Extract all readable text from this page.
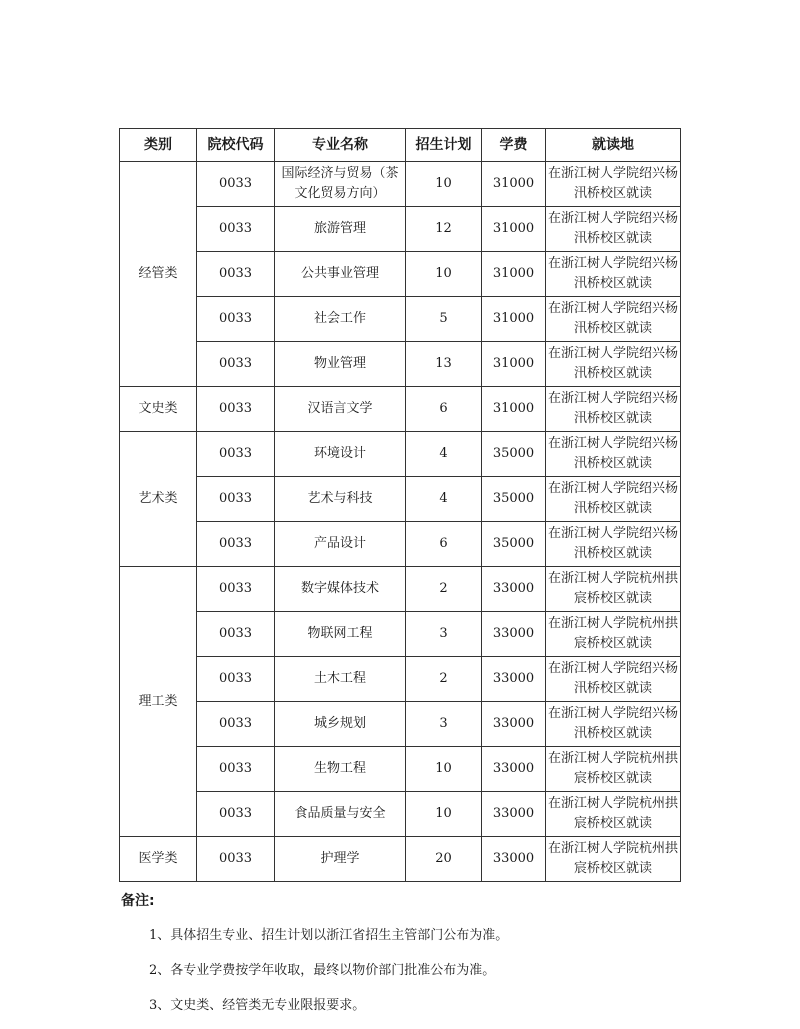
类别	院校代码	专业名称	招生计划	学费	就读地
经管类	0033	国际经济与贸易（茶文化贸易方向）	10	31000	在浙江树人学院绍兴杨汛桥校区就读
	0033	旅游管理	12	31000	在浙江树人学院绍兴杨汛桥校区就读
	0033	公共事业管理	10	31000	在浙江树人学院绍兴杨汛桥校区就读
	0033	社会工作	5	31000	在浙江树人学院绍兴杨汛桥校区就读
	0033	物业管理	13	31000	在浙江树人学院绍兴杨汛桥校区就读
文史类	0033	汉语言文学	6	31000	在浙江树人学院绍兴杨汛桥校区就读
艺术类	0033	环境设计	4	35000	在浙江树人学院绍兴杨汛桥校区就读
	0033	艺术与科技	4	35000	在浙江树人学院绍兴杨汛桥校区就读
	0033	产品设计	6	35000	在浙江树人学院绍兴杨汛桥校区就读
理工类	0033	数字媒体技术	2	33000	在浙江树人学院杭州拱宸桥校区就读
	0033	物联网工程	3	33000	在浙江树人学院杭州拱宸桥校区就读
	0033	土木工程	2	33000	在浙江树人学院绍兴杨汛桥校区就读
	0033	城乡规划	3	33000	在浙江树人学院绍兴杨汛桥校区就读
	0033	生物工程	10	33000	在浙江树人学院杭州拱宸桥校区就读
	0033	食品质量与安全	10	33000	在浙江树人学院杭州拱宸桥校区就读
医学类	0033	护理学	20	33000	在浙江树人学院杭州拱宸桥校区就读
备注:
1、具体招生专业、招生计划以浙江省招生主管部门公布为准。
2、各专业学费按学年收取，最终以物价部门批准公布为准。
3、文史类、经管类无专业限报要求。
